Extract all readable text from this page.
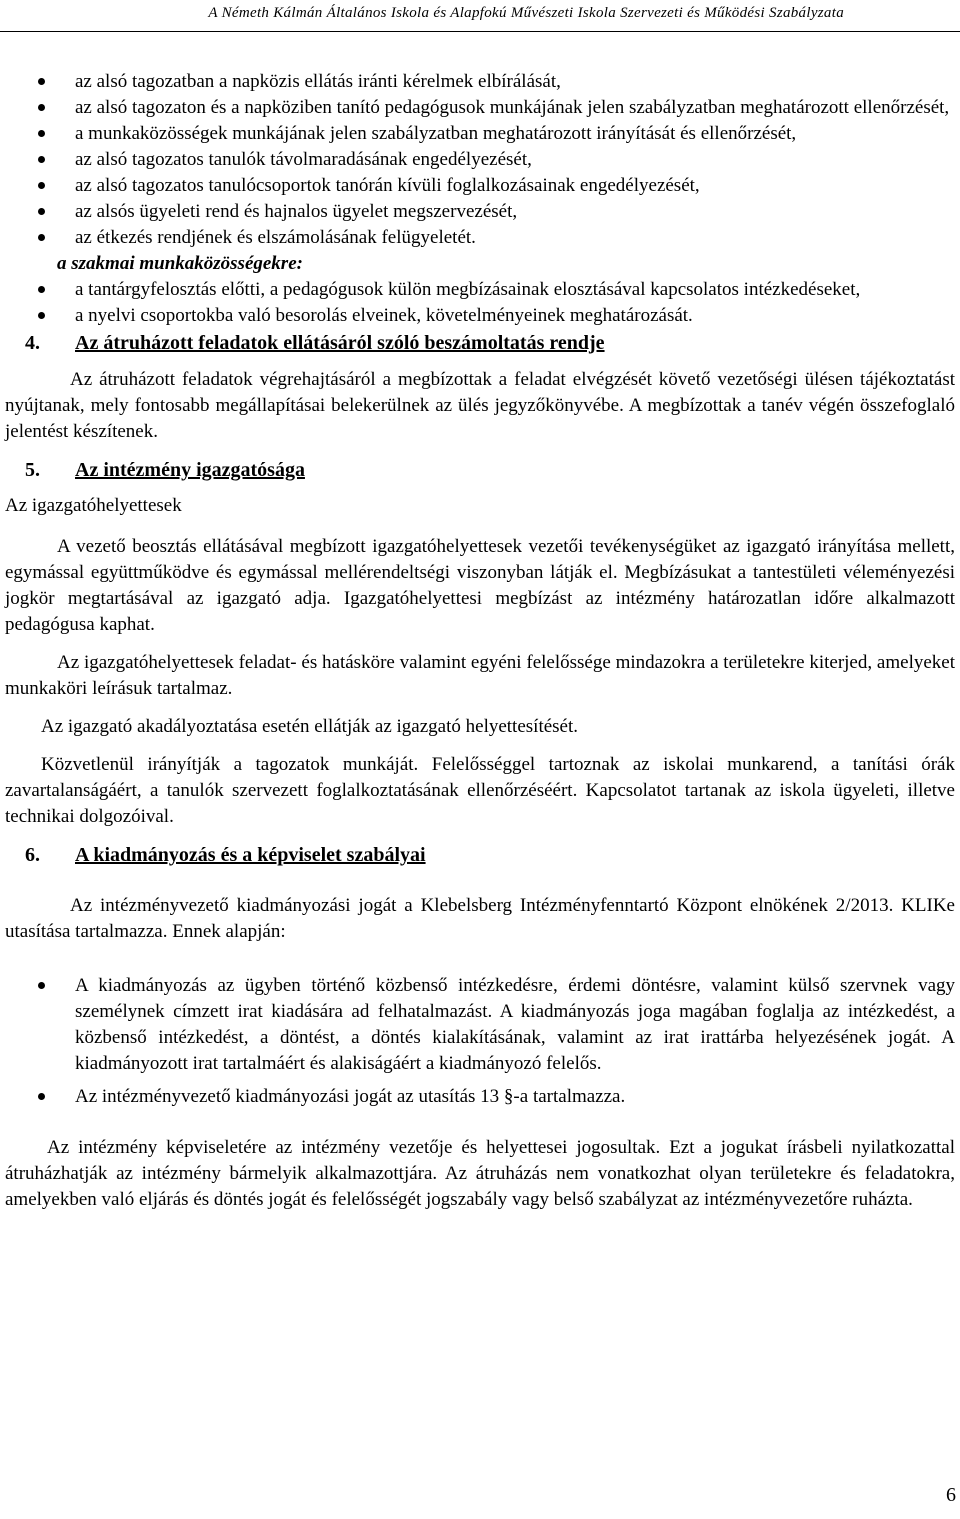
A Németh Kálmán Általános Iskola és Alapfokú Művészeti Iskola Szervezeti és Működési Szabályzata
az alsó tagozatban a napközis ellátás iránti kérelmek elbírálását,
az alsó tagozaton és a napköziben tanító pedagógusok munkájának jelen szabályzatban meghatározott ellenőrzését,
a munkaközösségek munkájának jelen szabályzatban meghatározott irányítását és ellenőrzését,
az alsó tagozatos tanulók távolmaradásának engedélyezését,
az alsó tagozatos tanulócsoportok tanórán kívüli foglalkozásainak engedélyezését,
az alsós ügyeleti rend és hajnalos ügyelet megszervezését,
az étkezés rendjének és elszámolásának felügyeletét.
a szakmai munkaközösségekre:
a tantárgyfelosztás előtti, a pedagógusok külön megbízásainak elosztásával kapcsolatos intézkedéseket,
a nyelvi csoportokba való besorolás elveinek, követelményeinek meghatározását.
4. Az átruházott feladatok ellátásáról szóló beszámoltatás rendje

Az átruházott feladatok végrehajtásáról a megbízottak a feladat elvégzését követő vezetőségi ülésen tájékoztatást nyújtanak, mely fontosabb megállapításai belekerülnek az ülés jegyzőkönyvébe. A megbízottak a tanév végén összefoglaló jelentést készítenek.

5. Az intézmény igazgatósága

Az igazgatóhelyettesek

A vezető beosztás ellátásával megbízott igazgatóhelyettesek vezetői tevékenységüket az igazgató irányítása mellett, egymással együttműködve és egymással mellérendeltségi viszonyban látják el. Megbízásukat a tantestületi véleményezési jogkör megtartásával az igazgató adja. Igazgatóhelyettesi megbízást az intézmény határozatlan időre alkalmazott pedagógusa kaphat.

Az igazgatóhelyettesek feladat- és hatásköre valamint egyéni felelőssége mindazokra a területekre kiterjed, amelyeket munkaköri leírásuk tartalmaz.

Az igazgató akadályoztatása esetén ellátják az igazgató helyettesítését.

Közvetlenül irányítják a tagozatok munkáját. Felelősséggel tartoznak az iskolai munkarend, a tanítási órák zavartalanságáért, a tanulók szervezett foglalkoztatásának ellenőrzéséért. Kapcsolatot tartanak az iskola ügyeleti, illetve technikai dolgozóival.

6. A kiadmányozás és a képviselet szabályai

Az intézményvezető kiadmányozási jogát a Klebelsberg Intézményfenntartó Központ elnökének 2/2013. KLIKe utasítása tartalmazza. Ennek alapján:

A kiadmányozás az ügyben történő közbenső intézkedésre, érdemi döntésre, valamint külső szervnek vagy személynek címzett irat kiadására ad felhatalmazást. A kiadmányozás joga magában foglalja az intézkedést, a közbenső intézkedést, a döntést, a döntés kialakításának, valamint az irat irattárba helyezésének jogát. A kiadmányozott irat tartalmáért és alakiságáért a kiadmányozó felelős.
Az intézményvezető kiadmányozási jogát az utasítás 13 §-a tartalmazza.

Az intézmény képviseletére az intézmény vezetője és helyettesei jogosultak. Ezt a jogukat írásbeli nyilatkozattal átruházhatják az intézmény bármelyik alkalmazottjára. Az átruházás nem vonatkozhat olyan területekre és feladatokra, amelyekben való eljárás és döntés jogát és felelősségét jogszabály vagy belső szabályzat az intézményvezetőre ruházta.

6
